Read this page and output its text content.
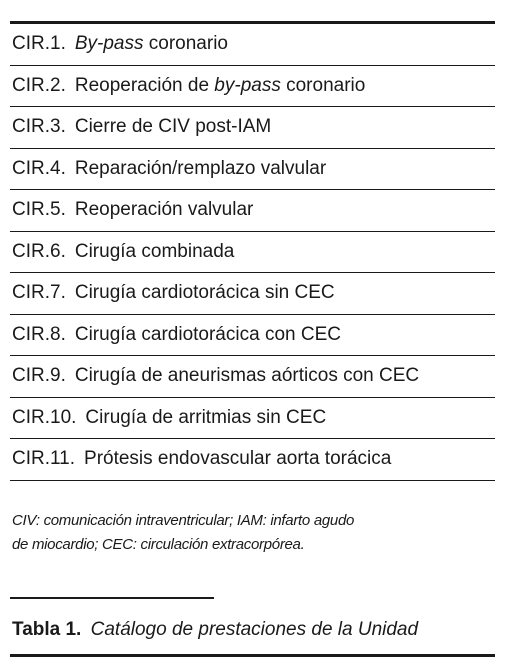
CIR.1. By-pass coronario
CIR.2. Reoperación de by-pass coronario
CIR.3. Cierre de CIV post-IAM
CIR.4. Reparación/remplazo valvular
CIR.5. Reoperación valvular
CIR.6. Cirugía combinada
CIR.7. Cirugía cardiotorácica sin CEC
CIR.8. Cirugía cardiotorácica con CEC
CIR.9. Cirugía de aneurismas aórticos con CEC
CIR.10. Cirugía de arritmias sin CEC
CIR.11. Prótesis endovascular aorta torácica
CIV: comunicación intraventricular; IAM: infarto agudo
de miocardio; CEC: circulación extracorpórea.
Tabla 1. Catálogo de prestaciones de la Unidad
